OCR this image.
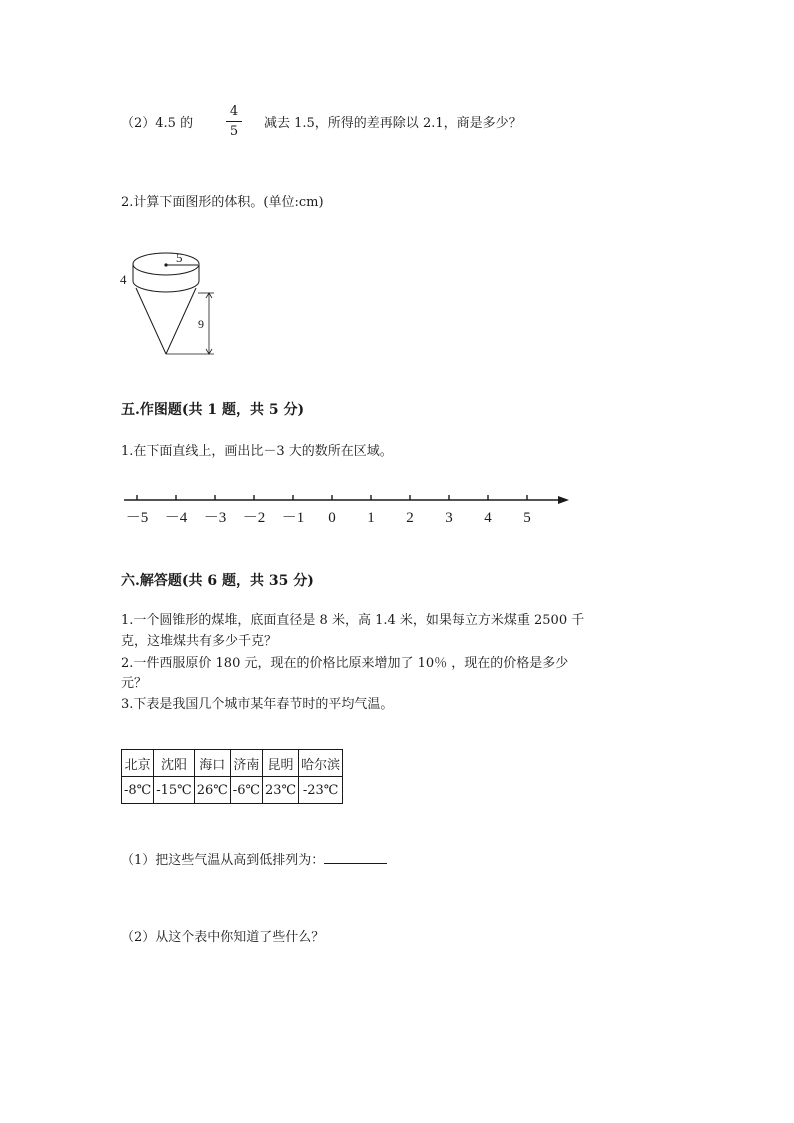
（2）4.5 的
4
5
减去 1.5，所得的差再除以 2.1，商是多少？
2.计算下面图形的体积。(单位:cm)
5
4
9
五.作图题(共 1 题，共 5 分)
1.在下面直线上，画出比－3 大的数所在区域。
－5 －4 －3 －2 －1 0 1 2 3 4 5
六.解答题(共 6 题，共 35 分)
1.一个圆锥形的煤堆，底面直径是 8 米，高 1.4 米，如果每立方米煤重 2500 千
克，这堆煤共有多少千克？
2.一件西服原价 180 元，现在的价格比原来增加了 10％ ，现在的价格是多少
元？
3.下表是我国几个城市某年春节时的平均气温。
北京	沈阳	海口	济南	昆明	哈尔滨
-8℃	-15℃	26℃	-6℃	23℃	-23℃
（1）把这些气温从高到低排列为：
（2）从这个表中你知道了些什么？
